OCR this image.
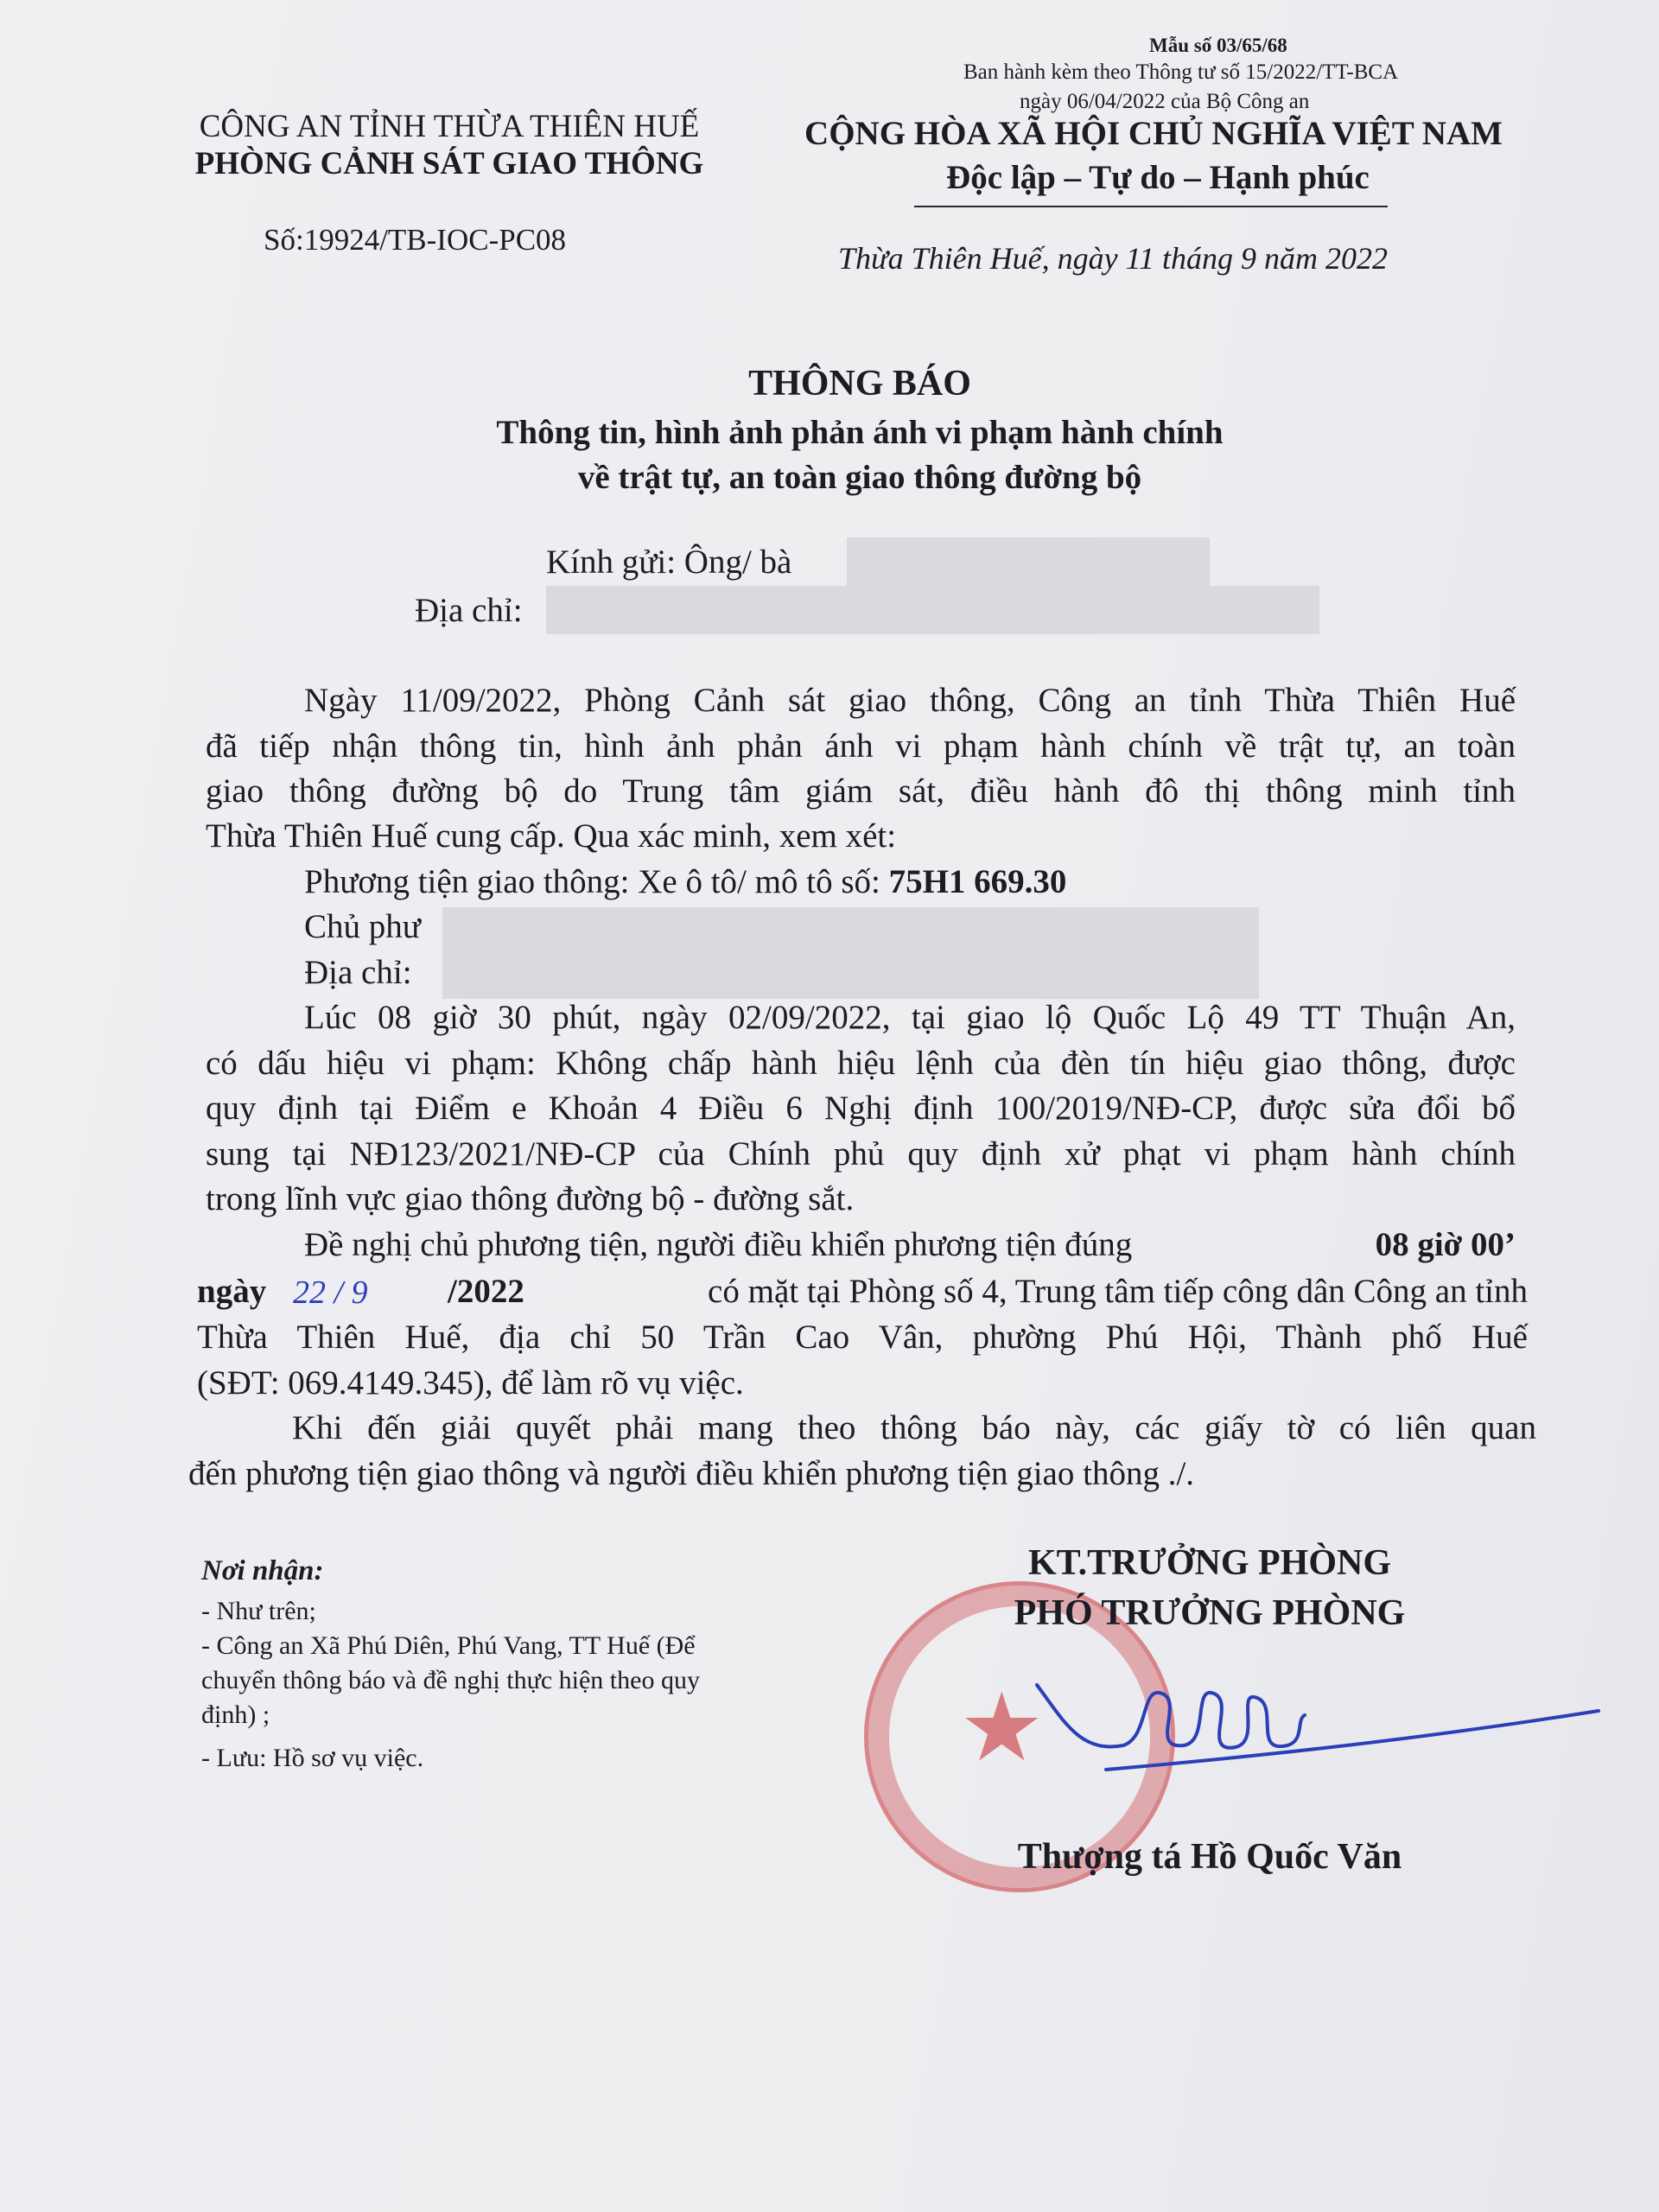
Mẫu số 03/65/68
Ban hành kèm theo Thông tư số 15/2022/TT-BCA
ngày 06/04/2022 của Bộ Công an
CÔNG AN TỈNH THỪA THIÊN HUẾ
PHÒNG CẢNH SÁT GIAO THÔNG
Số:19924/TB-IOC-PC08
CỘNG HÒA XÃ HỘI CHỦ NGHĨA VIỆT NAM
Độc lập – Tự do – Hạnh phúc
Thừa Thiên Huế, ngày 11 tháng 9 năm 2022
THÔNG BÁO
Thông tin, hình ảnh phản ánh vi phạm hành chính
về trật tự, an toàn giao thông đường bộ
Kính gửi: Ông/ bà
Địa chỉ:
Ngày 11/09/2022, Phòng Cảnh sát giao thông, Công an tỉnh Thừa Thiên Huế
đã tiếp nhận thông tin, hình ảnh phản ánh vi phạm hành chính về trật tự, an toàn
giao thông đường bộ do Trung tâm giám sát, điều hành đô thị thông minh tỉnh
Thừa Thiên Huế cung cấp. Qua xác minh, xem xét:
Phương tiện giao thông: Xe ô tô/ mô tô số: 75H1 669.30
Chủ phư
Địa chỉ:
Lúc 08 giờ 30 phút, ngày 02/09/2022, tại giao lộ Quốc Lộ 49 TT Thuận An,
có dấu hiệu vi phạm: Không chấp hành hiệu lệnh của đèn tín hiệu giao thông, được
quy định tại Điểm e Khoản 4 Điều 6 Nghị định 100/2019/NĐ-CP, được sửa đổi bổ
sung tại NĐ123/2021/NĐ-CP của Chính phủ quy định xử phạt vi phạm hành chính
trong lĩnh vực giao thông đường bộ - đường sắt.
Đề nghị chủ phương tiện, người điều khiển phương tiện đúng	08 giờ 00’
ngày 22 / 9 /2022	có mặt tại Phòng số 4, Trung tâm tiếp công dân Công an tỉnh
Thừa Thiên Huế, địa chỉ 50 Trần Cao Vân, phường Phú Hội, Thành phố Huế
(SĐT: 069.4149.345), để làm rõ vụ việc.
Khi đến giải quyết phải mang theo thông báo này, các giấy tờ có liên quan
đến phương tiện giao thông và người điều khiển phương tiện giao thông ./.
Nơi nhận:
- Như trên;
- Công an Xã Phú Diên, Phú Vang, TT Huế (Để
chuyển thông báo và đề nghị thực hiện theo quy
định) ;
- Lưu: Hồ sơ vụ việc.	★
KT.TRƯỞNG PHÒNG
PHÓ TRƯỞNG PHÒNG
Thượng tá Hồ Quốc Văn
